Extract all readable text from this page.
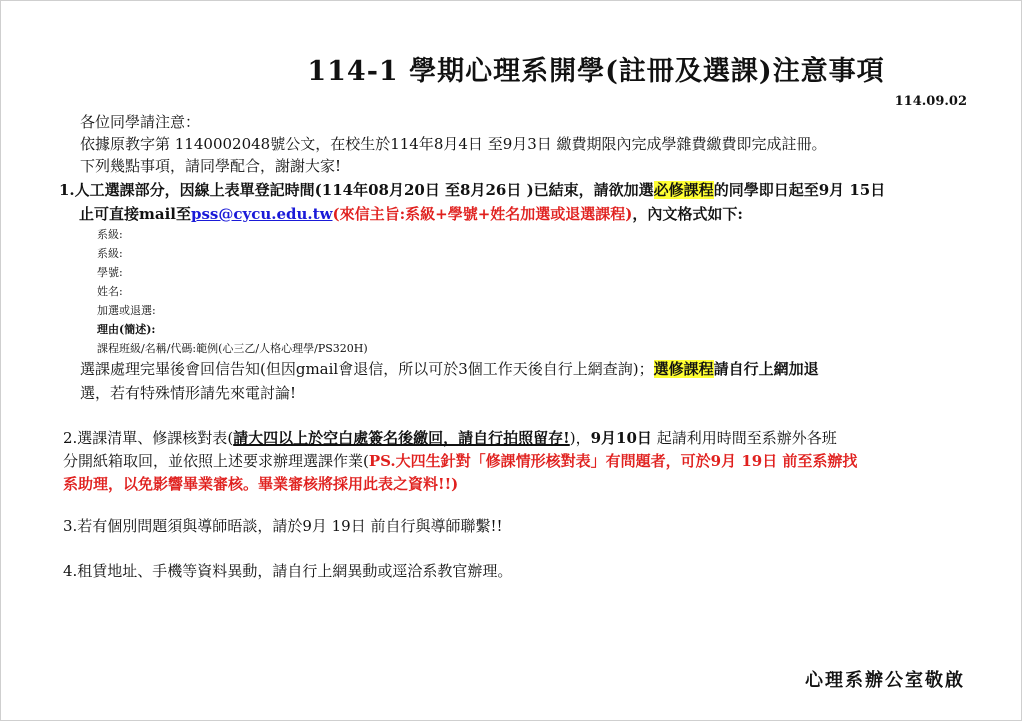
114-1 學期心理系開學(註冊及選課)注意事項
114.09.02
各位同學請注意：
依據原教字第 1140002048號公文，在校生於114年8月4日 至9月3日 繳費期限內完成學雜費繳費即完成註冊。
下列幾點事項，請同學配合，謝謝大家!
1.人工選課部分，因線上表單登記時間(114年08月20日 至8月26日 )已結束，請欲加選必修課程的同學即日起至9月 15日
止可直接mail至pss@cycu.edu.tw(來信主旨:系級+學號+姓名加選或退選課程)，內文格式如下:
系級:
系級:
學號:
姓名:
加選或退選:
理由(簡述):
課程班級/名稱/代碼:範例(心三乙/人格心理學/PS320H)
選課處理完畢後會回信告知(但因gmail會退信，所以可於3個工作天後自行上網查詢)；選修課程請自行上網加退
選，若有特殊情形請先來電討論!
2.選課清單、修課核對表(請大四以上於空白處簽名後繳回，請自行拍照留存!)，9月10日 起請利用時間至系辦外各班
分開紙箱取回，並依照上述要求辦理選課作業(PS.大四生針對「修課情形核對表」有問題者，可於9月 19日 前至系辦找
系助理，以免影響畢業審核。畢業審核將採用此表之資料!!)
3.若有個別問題須與導師晤談，請於9月 19日 前自行與導師聯繫!!
4.租賃地址、手機等資料異動，請自行上網異動或逕洽系教官辦理。
心理系辦公室敬啟
